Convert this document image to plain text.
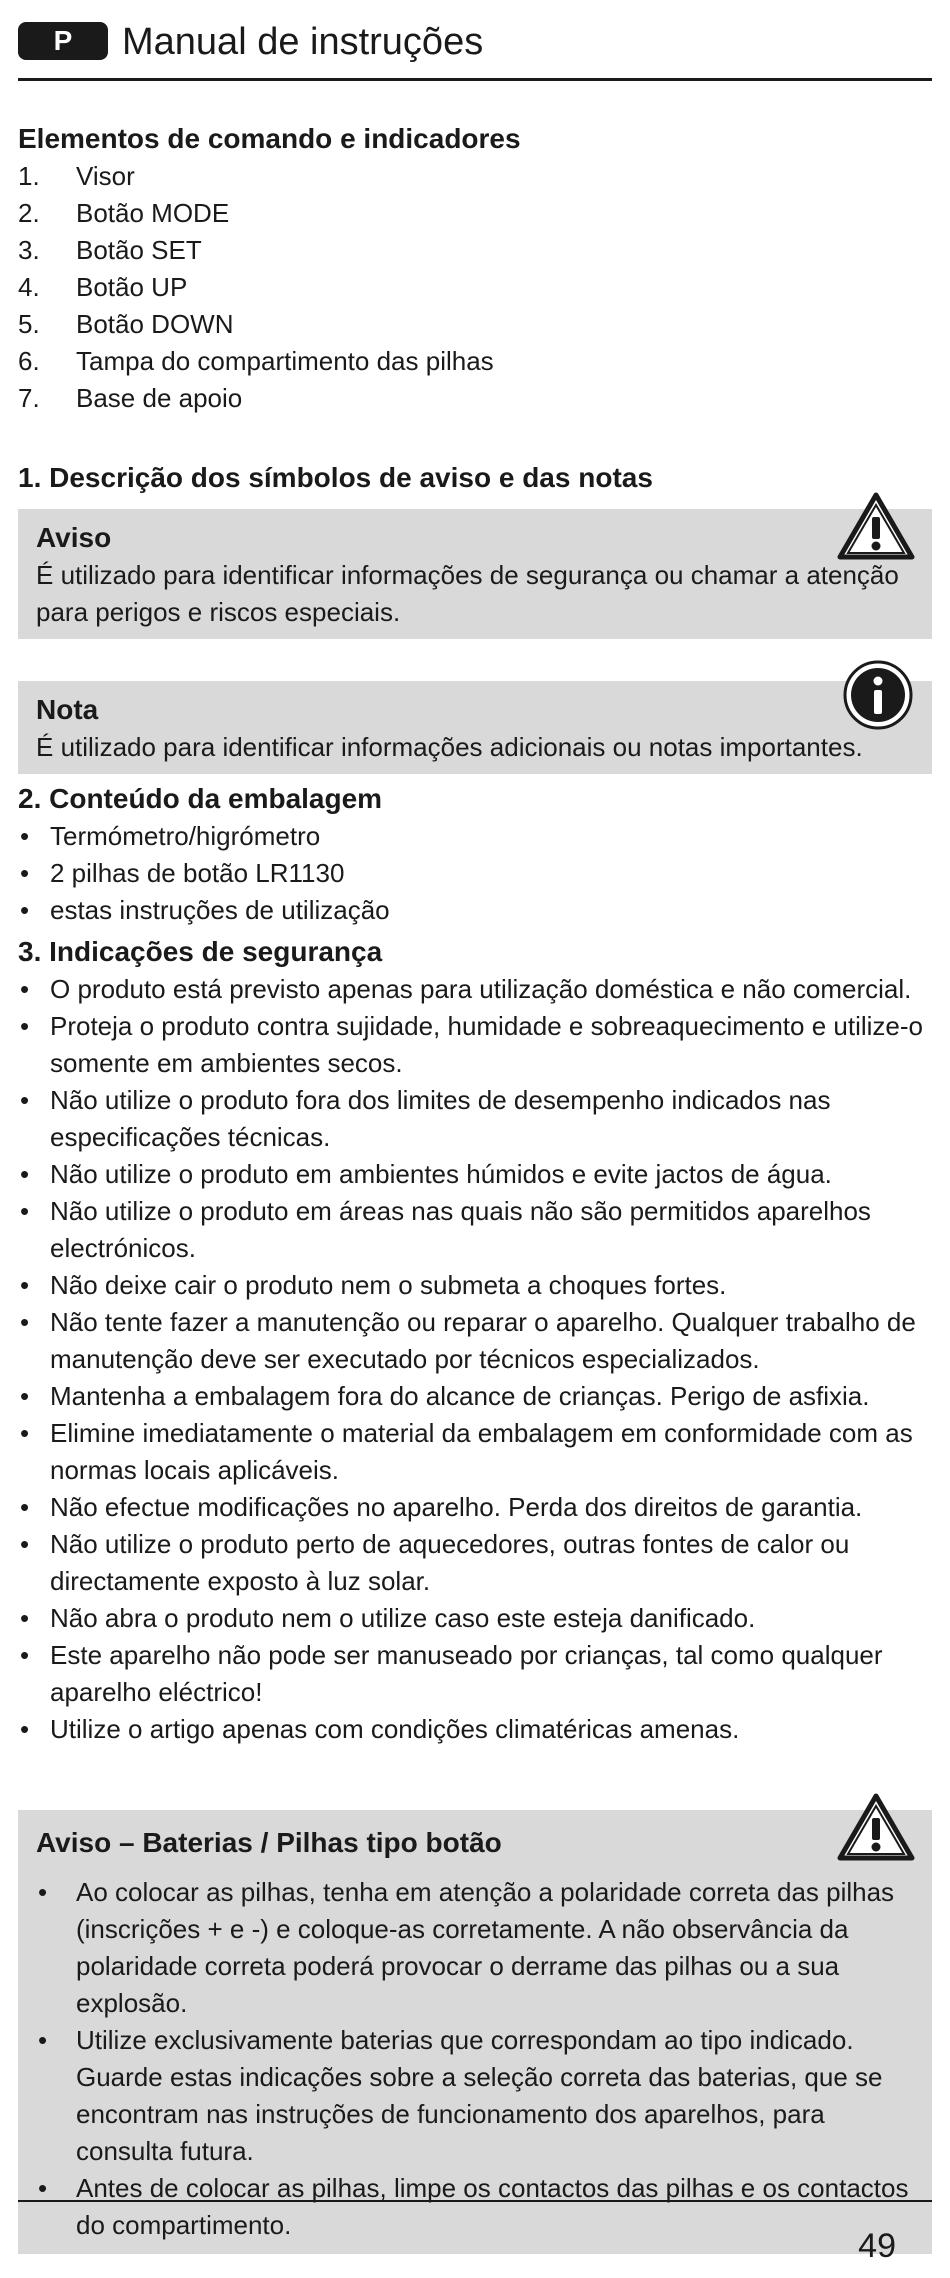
P	Manual de instruções
Elementos de comando e indicadores
1.	Visor
2.	Botão MODE
3.	Botão SET
4.	Botão UP
5.	Botão DOWN
6.	Tampa do compartimento das pilhas
7.	Base de apoio
1. Descrição dos símbolos de aviso e das notas
Aviso
É utilizado para identificar informações de segurança ou chamar a atenção para perigos e riscos especiais.
Nota
É utilizado para identificar informações adicionais ou notas importantes.
2. Conteúdo da embalagem
• Termómetro/higrómetro
• 2 pilhas de botão LR1130
• estas instruções de utilização
3. Indicações de segurança
• O produto está previsto apenas para utilização doméstica e não comercial.
• Proteja o produto contra sujidade, humidade e sobreaquecimento e utilize-o somente em ambientes secos.
• Não utilize o produto fora dos limites de desempenho indicados nas especificações técnicas.
• Não utilize o produto em ambientes húmidos e evite jactos de água.
• Não utilize o produto em áreas nas quais não são permitidos aparelhos electrónicos.
• Não deixe cair o produto nem o submeta a choques fortes.
• Não tente fazer a manutenção ou reparar o aparelho. Qualquer trabalho de manutenção deve ser executado por técnicos especializados.
• Mantenha a embalagem fora do alcance de crianças. Perigo de asfixia.
• Elimine imediatamente o material da embalagem em conformidade com as normas locais aplicáveis.
• Não efectue modificações no aparelho. Perda dos direitos de garantia.
• Não utilize o produto perto de aquecedores, outras fontes de calor ou directamente exposto à luz solar.
• Não abra o produto nem o utilize caso este esteja danificado.
• Este aparelho não pode ser manuseado por crianças, tal como qualquer aparelho eléctrico!
• Utilize o artigo apenas com condições climatéricas amenas.
Aviso – Baterias / Pilhas tipo botão
• Ao colocar as pilhas, tenha em atenção a polaridade correta das pilhas (inscrições + e -) e coloque-as corretamente. A não observância da polaridade correta poderá provocar o derrame das pilhas ou a sua explosão.
• Utilize exclusivamente baterias que correspondam ao tipo indicado. Guarde estas indicações sobre a seleção correta das baterias, que se encontram nas instruções de funcionamento dos aparelhos, para consulta futura.
• Antes de colocar as pilhas, limpe os contactos das pilhas e os contactos do compartimento.
49
